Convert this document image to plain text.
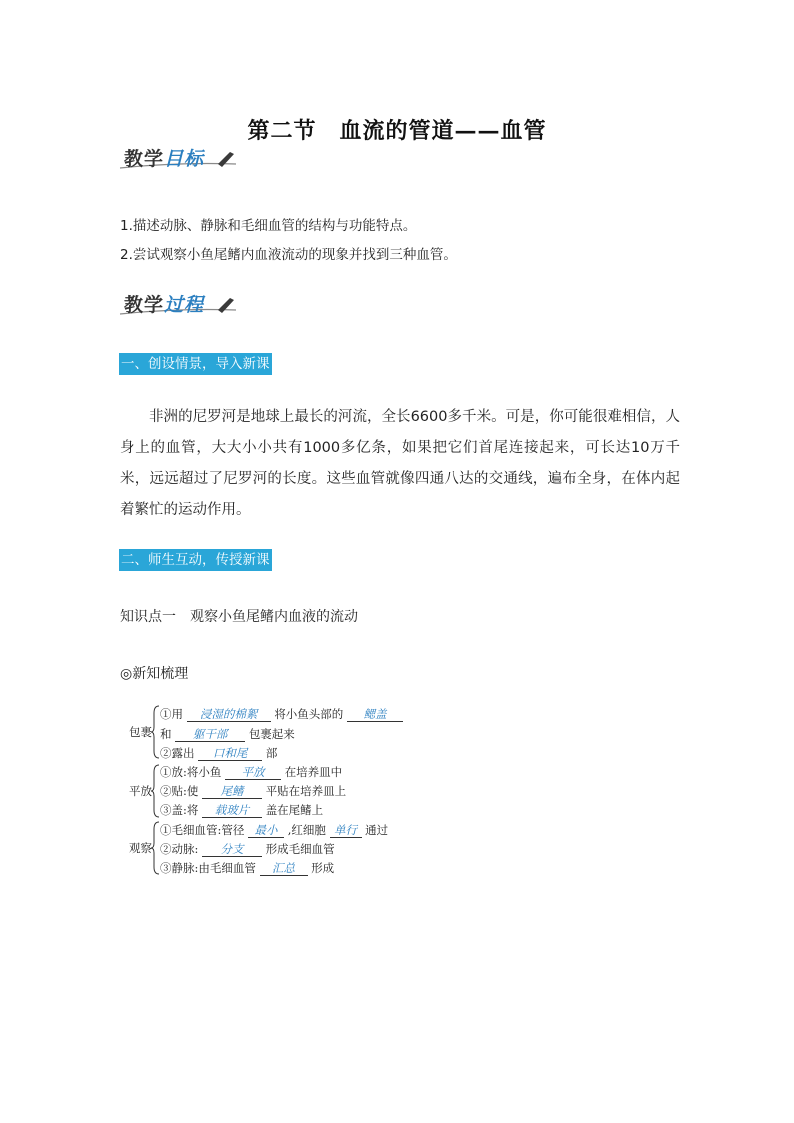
第二节　血流的管道——血管
教学目标
1.描述动脉、静脉和毛细血管的结构与功能特点。
2.尝试观察小鱼尾鳍内血液流动的现象并找到三种血管。
教学过程
一、创设情景，导入新课
非洲的尼罗河是地球上最长的河流，全长6600多千米。可是，你可能很难相信，人身上的血管，大大小小共有1000多亿条，如果把它们首尾连接起来，可长达10万千米，远远超过了尼罗河的长度。这些血管就像四通八达的交通线，遍布全身，在体内起着繁忙的运动作用。
二、师生互动，传授新课
知识点一　观察小鱼尾鳍内血液的流动
◎新知梳理
包裹
①用 浸湿的棉絮 将小鱼头部的 鳃盖
和 躯干部 包裹起来
②露出 口和尾 部
平放
①放:将小鱼 平放 在培养皿中
②贴:使 尾鳍 平贴在培养皿上
③盖:将 载玻片 盖在尾鳍上
观察
①毛细血管:管径 最小 ,红细胞 单行 通过
②动脉: 分支 形成毛细血管
③静脉:由毛细血管 汇总 形成
